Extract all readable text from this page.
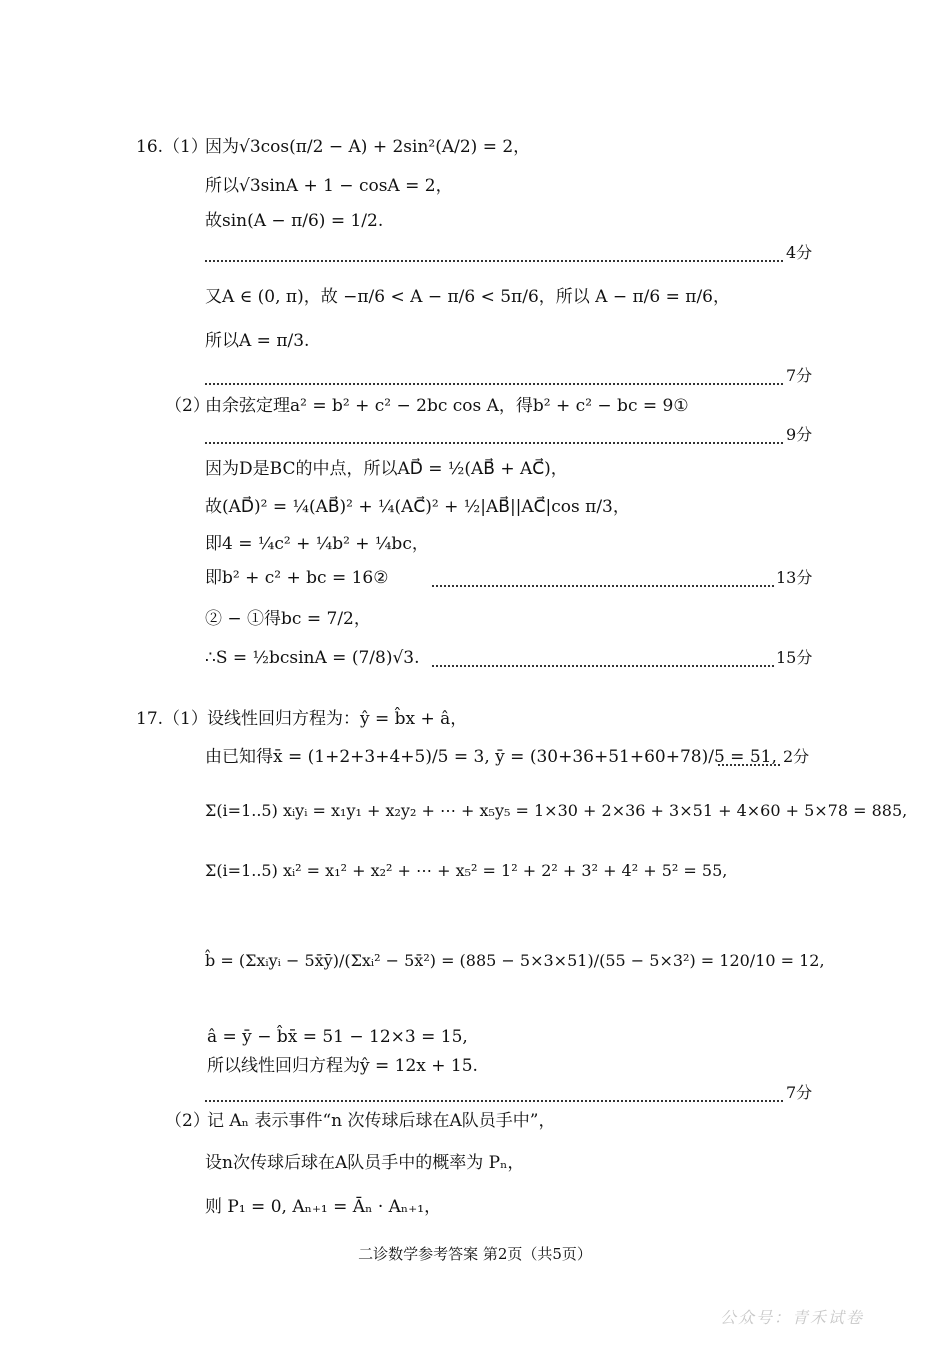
16.（1）
因为√3cos(π/2 − A) + 2sin²(A/2) = 2，
所以√3sinA + 1 − cosA = 2，
故sin(A − π/6) = 1/2.
4分
又A ∈ (0, π)，故 −π/6 < A − π/6 < 5π/6，所以 A − π/6 = π/6，
所以A = π/3.
7分
（2）
由余弦定理a² = b² + c² − 2bc cos A，得b² + c² − bc = 9①
9分
因为D是BC的中点，所以AD⃗ = ½(AB⃗ + AC⃗)，
故(AD⃗)² = ¼(AB⃗)² + ¼(AC⃗)² + ½|AB⃗||AC⃗|cos π/3，
即4 = ¼c² + ¼b² + ¼bc，
即b² + c² + bc = 16②	13分
② − ①得bc = 7/2，
∴S = ½bcsinA = (7/8)√3.	15分
17.（1） 设线性回归方程为：ŷ = b̂x + â，
由已知得x̄ = (1+2+3+4+5)/5 = 3, ȳ = (30+36+51+60+78)/5 = 51, 2分
Σ(i=1..5) xᵢyᵢ = x₁y₁ + x₂y₂ + ⋯ + x₅y₅ = 1×30 + 2×36 + 3×51 + 4×60 + 5×78 = 885,
Σ(i=1..5) xᵢ² = x₁² + x₂² + ⋯ + x₅² = 1² + 2² + 3² + 4² + 5² = 55,
b̂ = (Σxᵢyᵢ − 5x̄ȳ)/(Σxᵢ² − 5x̄²) = (885 − 5×3×51)/(55 − 5×3²) = 120/10 = 12,
â = ȳ − b̂x̄ = 51 − 12×3 = 15,
所以线性回归方程为ŷ = 12x + 15.
7分
（2）
记 Aₙ 表示事件“n 次传球后球在A队员手中”，
设n次传球后球在A队员手中的概率为 Pₙ，
则 P₁ = 0, Aₙ₊₁ = Āₙ · Aₙ₊₁，
二诊数学参考答案 第2页（共5页）
公众号：青禾试卷
